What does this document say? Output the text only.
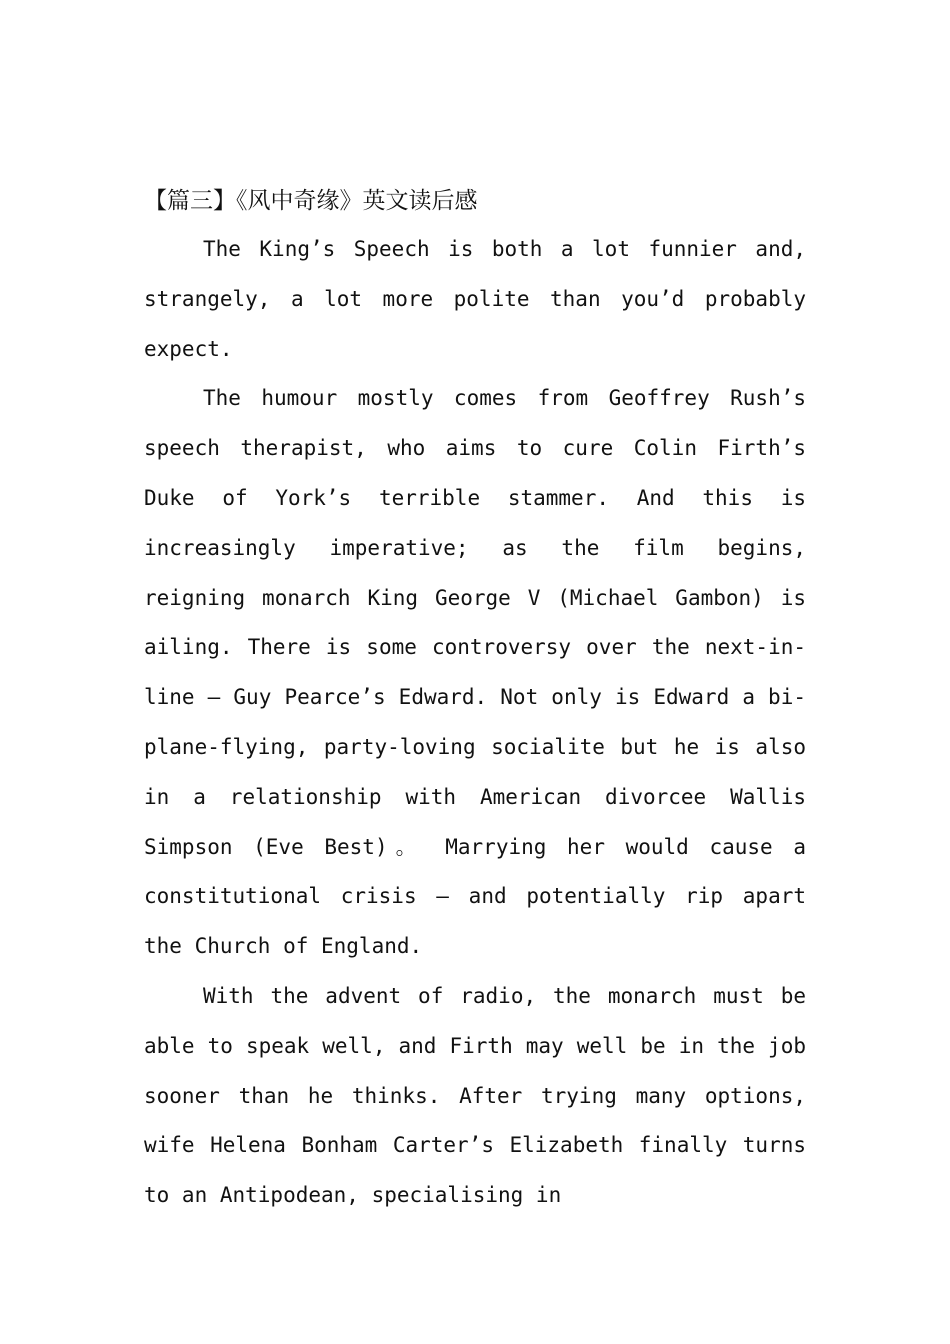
【篇三】《风中奇缘》英文读后感

The King’s Speech is both a lot funnier and, strangely, a lot more polite than you’d probably expect.

The humour mostly comes from Geoffrey Rush’s speech therapist, who aims to cure Colin Firth’s Duke of York’s terrible stammer. And this is increasingly imperative; as the film begins, reigning monarch King George V (Michael Gambon) is ailing. There is some controversy over the next-in-line – Guy Pearce’s Edward. Not only is Edward a bi-plane-flying, party-loving socialite but he is also in a relationship with American divorcee Wallis Simpson (Eve Best)。 Marrying her would cause a constitutional crisis – and potentially rip apart the Church of England.

With the advent of radio, the monarch must be able to speak well, and Firth may well be in the job sooner than he thinks. After trying many options, wife Helena Bonham Carter’s Elizabeth finally turns to an Antipodean, specialising in
